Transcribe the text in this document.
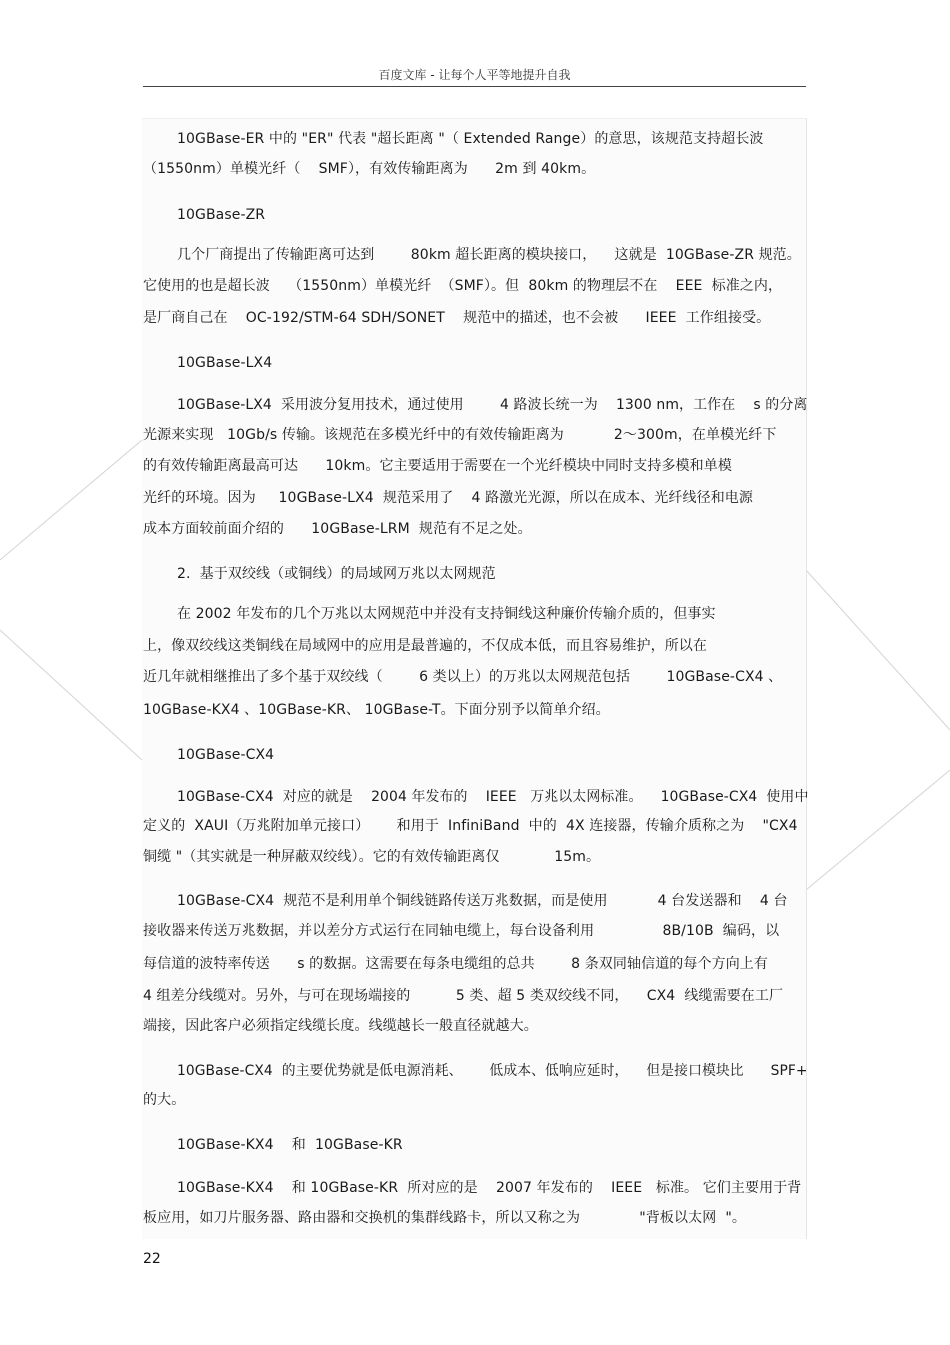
百度文库 - 让每个人平等地提升自我
10GBase-ER 中的 "ER" 代表 "超长距离 "（ Extended Range）的意思，该规范支持超长波
（1550nm）单模光纤（    SMF），有效传输距离为      2m 到 40km。
10GBase-ZR
几个厂商提出了传输距离可达到        80km 超长距离的模块接口，    这就是  10GBase-ZR 规范。
它使用的也是超长波    （1550nm）单模光纤  （SMF）。但  80km 的物理层不在    EEE  标准之内，
是厂商自己在    OC-192/STM-64 SDH/SONET    规范中的描述，也不会被      IEEE  工作组接受。
10GBase-LX4
10GBase-LX4  采用波分复用技术，通过使用        4 路波长统一为    1300 nm，工作在    s 的分离
光源来实现   10Gb/s 传输。该规范在多模光纤中的有效传输距离为           2～300m，在单模光纤下
的有效传输距离最高可达      10km。它主要适用于需要在一个光纤模块中同时支持多模和单模
光纤的环境。因为     10GBase-LX4  规范采用了    4 路激光光源，所以在成本、光纤线径和电源
成本方面较前面介绍的      10GBase-LRM  规范有不足之处。
2.  基于双绞线（或铜线）的局域网万兆以太网规范
在 2002 年发布的几个万兆以太网规范中并没有支持铜线这种廉价传输介质的，但事实
上，像双绞线这类铜线在局域网中的应用是最普遍的，不仅成本低，而且容易维护，所以在
近几年就相继推出了多个基于双绞线（        6 类以上）的万兆以太网规范包括        10GBase-CX4 、
10GBase-KX4 、10GBase-KR、 10GBase-T。下面分别予以简单介绍。
10GBase-CX4
10GBase-CX4  对应的就是    2004 年发布的    IEEE   万兆以太网标准。    10GBase-CX4  使用中
定义的  XAUI（万兆附加单元接口）      和用于  InfiniBand  中的  4X 连接器，传输介质称之为    "CX4
铜缆 "（其实就是一种屏蔽双绞线）。它的有效传输距离仅            15m。
10GBase-CX4  规范不是利用单个铜线链路传送万兆数据，而是使用           4 台发送器和    4 台
接收器来传送万兆数据，并以差分方式运行在同轴电缆上，每台设备利用               8B/10B  编码，以
每信道的波特率传送      s 的数据。这需要在每条电缆组的总共        8 条双同轴信道的每个方向上有
4 组差分线缆对。另外，与可在现场端接的          5 类、超 5 类双绞线不同，    CX4  线缆需要在工厂
端接，因此客户必须指定线缆长度。线缆越长一般直径就越大。
10GBase-CX4  的主要优势就是低电源消耗、      低成本、低响应延时，    但是接口模块比      SPF+
的大。
10GBase-KX4    和  10GBase-KR
10GBase-KX4    和 10GBase-KR  所对应的是    2007 年发布的    IEEE   标准。 它们主要用于背
板应用，如刀片服务器、路由器和交换机的集群线路卡，所以又称之为             "背板以太网  "。
22
